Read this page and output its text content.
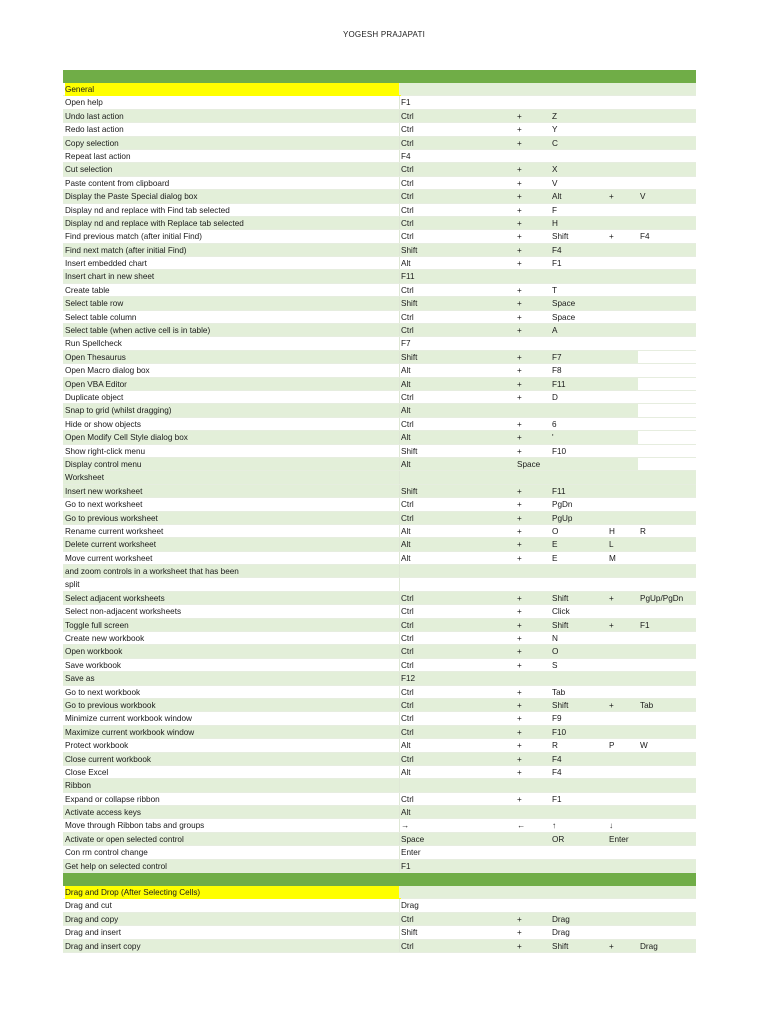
YOGESH PRAJAPATI
General
Open help	F1
Undo last action	Ctrl	+	Z
Redo last action	Ctrl	+	Y
Copy selection	Ctrl	+	C
Repeat last action	F4
Cut selection	Ctrl	+	X
Paste content from clipboard	Ctrl	+	V
Display the Paste Special dialog box	Ctrl	+	Alt	+	V
Display nd and replace with Find tab selected	Ctrl	+	F
Display nd and replace with Replace tab selected	Ctrl	+	H
Find previous match (after initial Find)	Ctrl	+	Shift	+	F4
Find next match (after initial Find)	Shift	+	F4
Insert embedded chart	Alt	+	F1
Insert chart in new sheet	F11
Create table	Ctrl	+	T
Select table row	Shift	+	Space
Select table column	Ctrl	+	Space
Select table (when active cell is in table)	Ctrl	+	A
Run Spellcheck	F7
Open Thesaurus	Shift	+	F7
Open Macro dialog box	Alt	+	F8
Open VBA Editor	Alt	+	F11
Duplicate object	Ctrl	+	D
Snap to grid (whilst dragging)	Alt
Hide or show objects	Ctrl	+	6
Open Modify Cell Style dialog box	Alt	+	'
Show right-click menu	Shift	+	F10
Display control menu	Alt	Space
Worksheet
Insert new worksheet	Shift	+	F11
Go to next worksheet	Ctrl	+	PgDn
Go to previous worksheet	Ctrl	+	PgUp
Rename current worksheet	Alt	+	O	H	R
Delete current worksheet	Alt	+	E	L
Move current worksheet	Alt	+	E	M
and zoom controls in a worksheet that has been
split
Select adjacent worksheets	Ctrl	+	Shift	+	PgUp/PgDn
Select non-adjacent worksheets	Ctrl	+	Click
Toggle full screen	Ctrl	+	Shift	+	F1
Create new workbook	Ctrl	+	N
Open workbook	Ctrl	+	O
Save workbook	Ctrl	+	S
Save as	F12
Go to next workbook	Ctrl	+	Tab
Go to previous workbook	Ctrl	+	Shift	+	Tab
Minimize current workbook window	Ctrl	+	F9
Maximize current workbook window	Ctrl	+	F10
Protect workbook	Alt	+	R	P	W
Close current workbook	Ctrl	+	F4
Close Excel	Alt	+	F4
Ribbon
Expand or collapse ribbon	Ctrl	+	F1
Activate access keys	Alt
Move through Ribbon tabs and groups	→	←	↑	↓
Activate or open selected control	Space	OR	Enter
Con rm control change	Enter
Get help on selected control	F1
Drag and Drop (After Selecting Cells)
Drag and cut	Drag
Drag and copy	Ctrl	+	Drag
Drag and insert	Shift	+	Drag
Drag and insert copy	Ctrl	+	Shift	+	Drag
